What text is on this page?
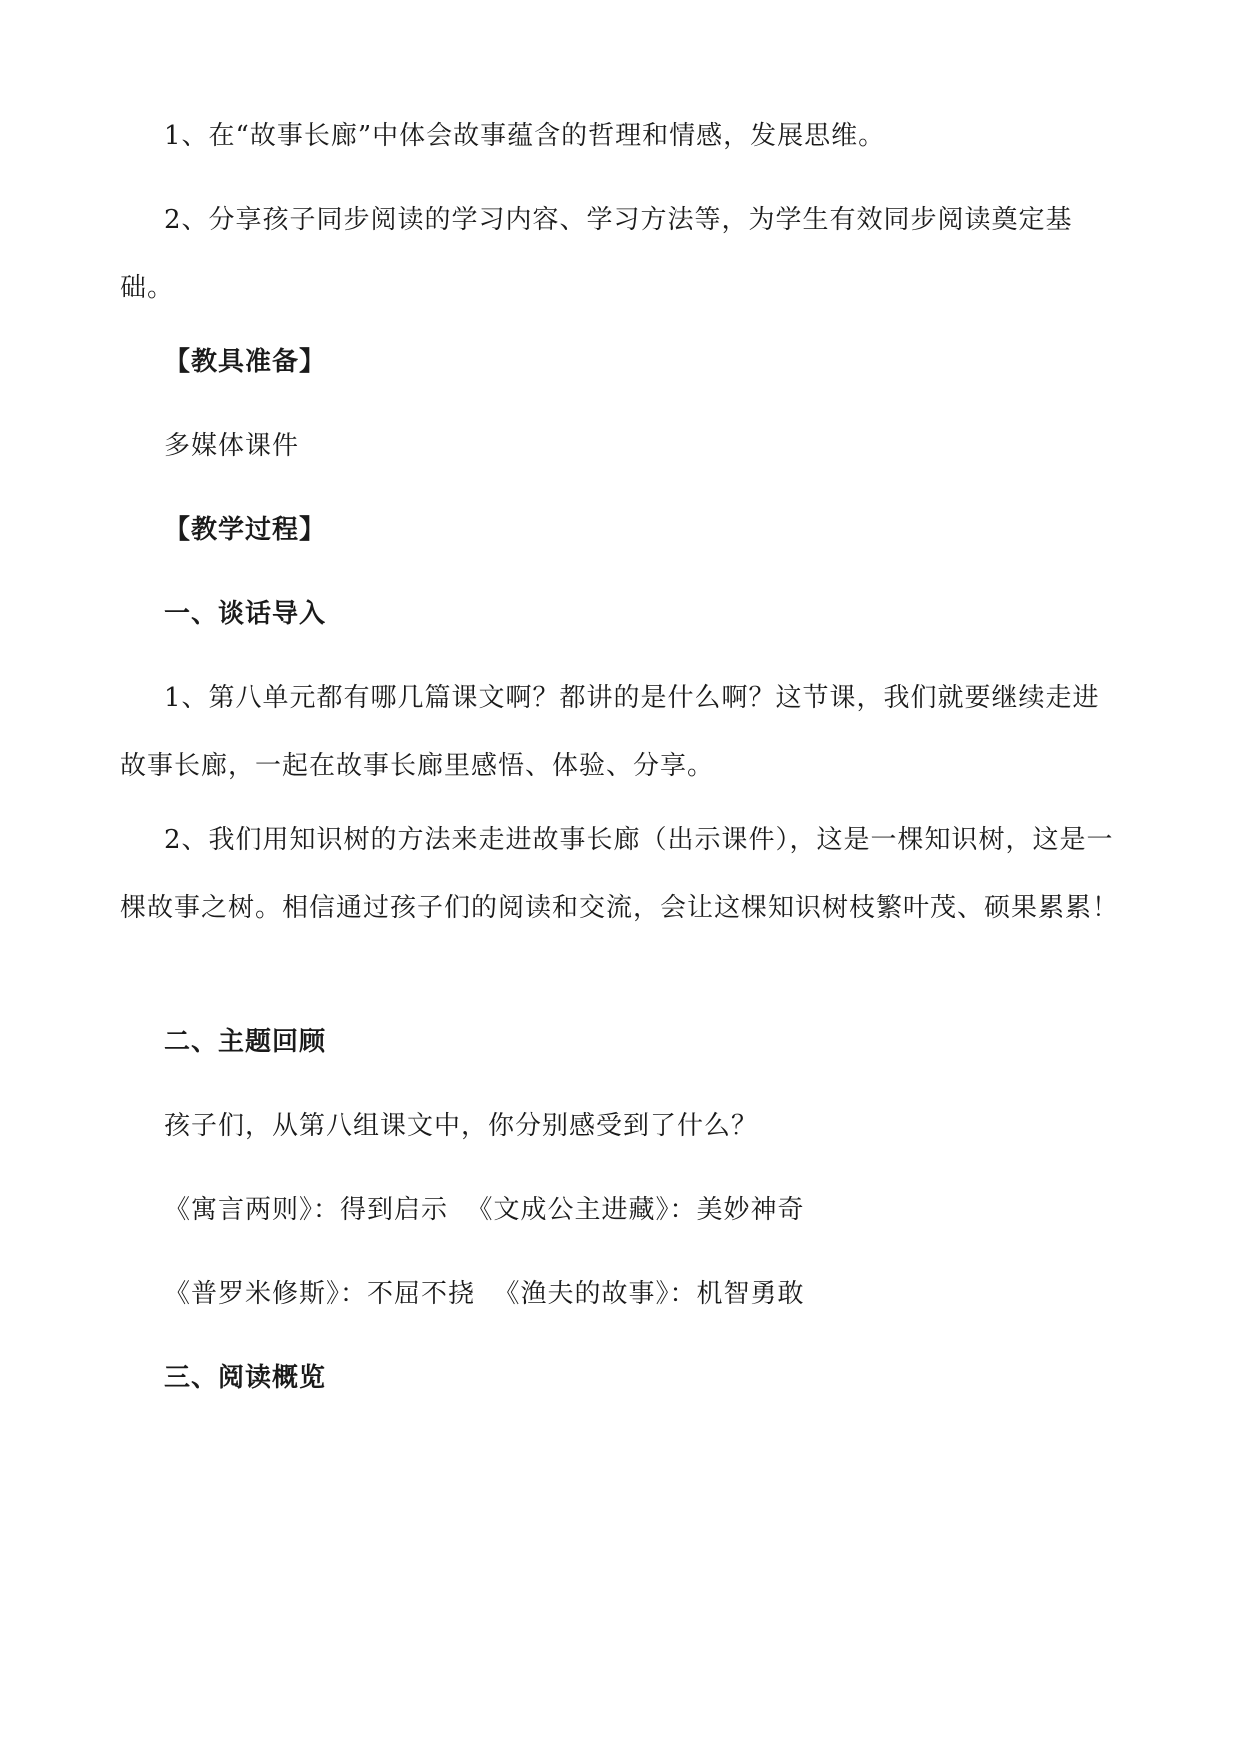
1、在“故事长廊”中体会故事蕴含的哲理和情感，发展思维。

2、分享孩子同步阅读的学习内容、学习方法等，为学生有效同步阅读奠定基础。

【教具准备】

多媒体课件

【教学过程】

一、谈话导入

1、第八单元都有哪几篇课文啊？都讲的是什么啊？这节课，我们就要继续走进故事长廊，一起在故事长廊里感悟、体验、分享。

2、我们用知识树的方法来走进故事长廊（出示课件），这是一棵知识树，这是一棵故事之树。相信通过孩子们的阅读和交流，会让这棵知识树枝繁叶茂、硕果累累！

二、主题回顾

孩子们，从第八组课文中，你分别感受到了什么？

《寓言两则》：得到启示  《文成公主进藏》：美妙神奇

《普罗米修斯》：不屈不挠  《渔夫的故事》：机智勇敢

三、阅读概览
